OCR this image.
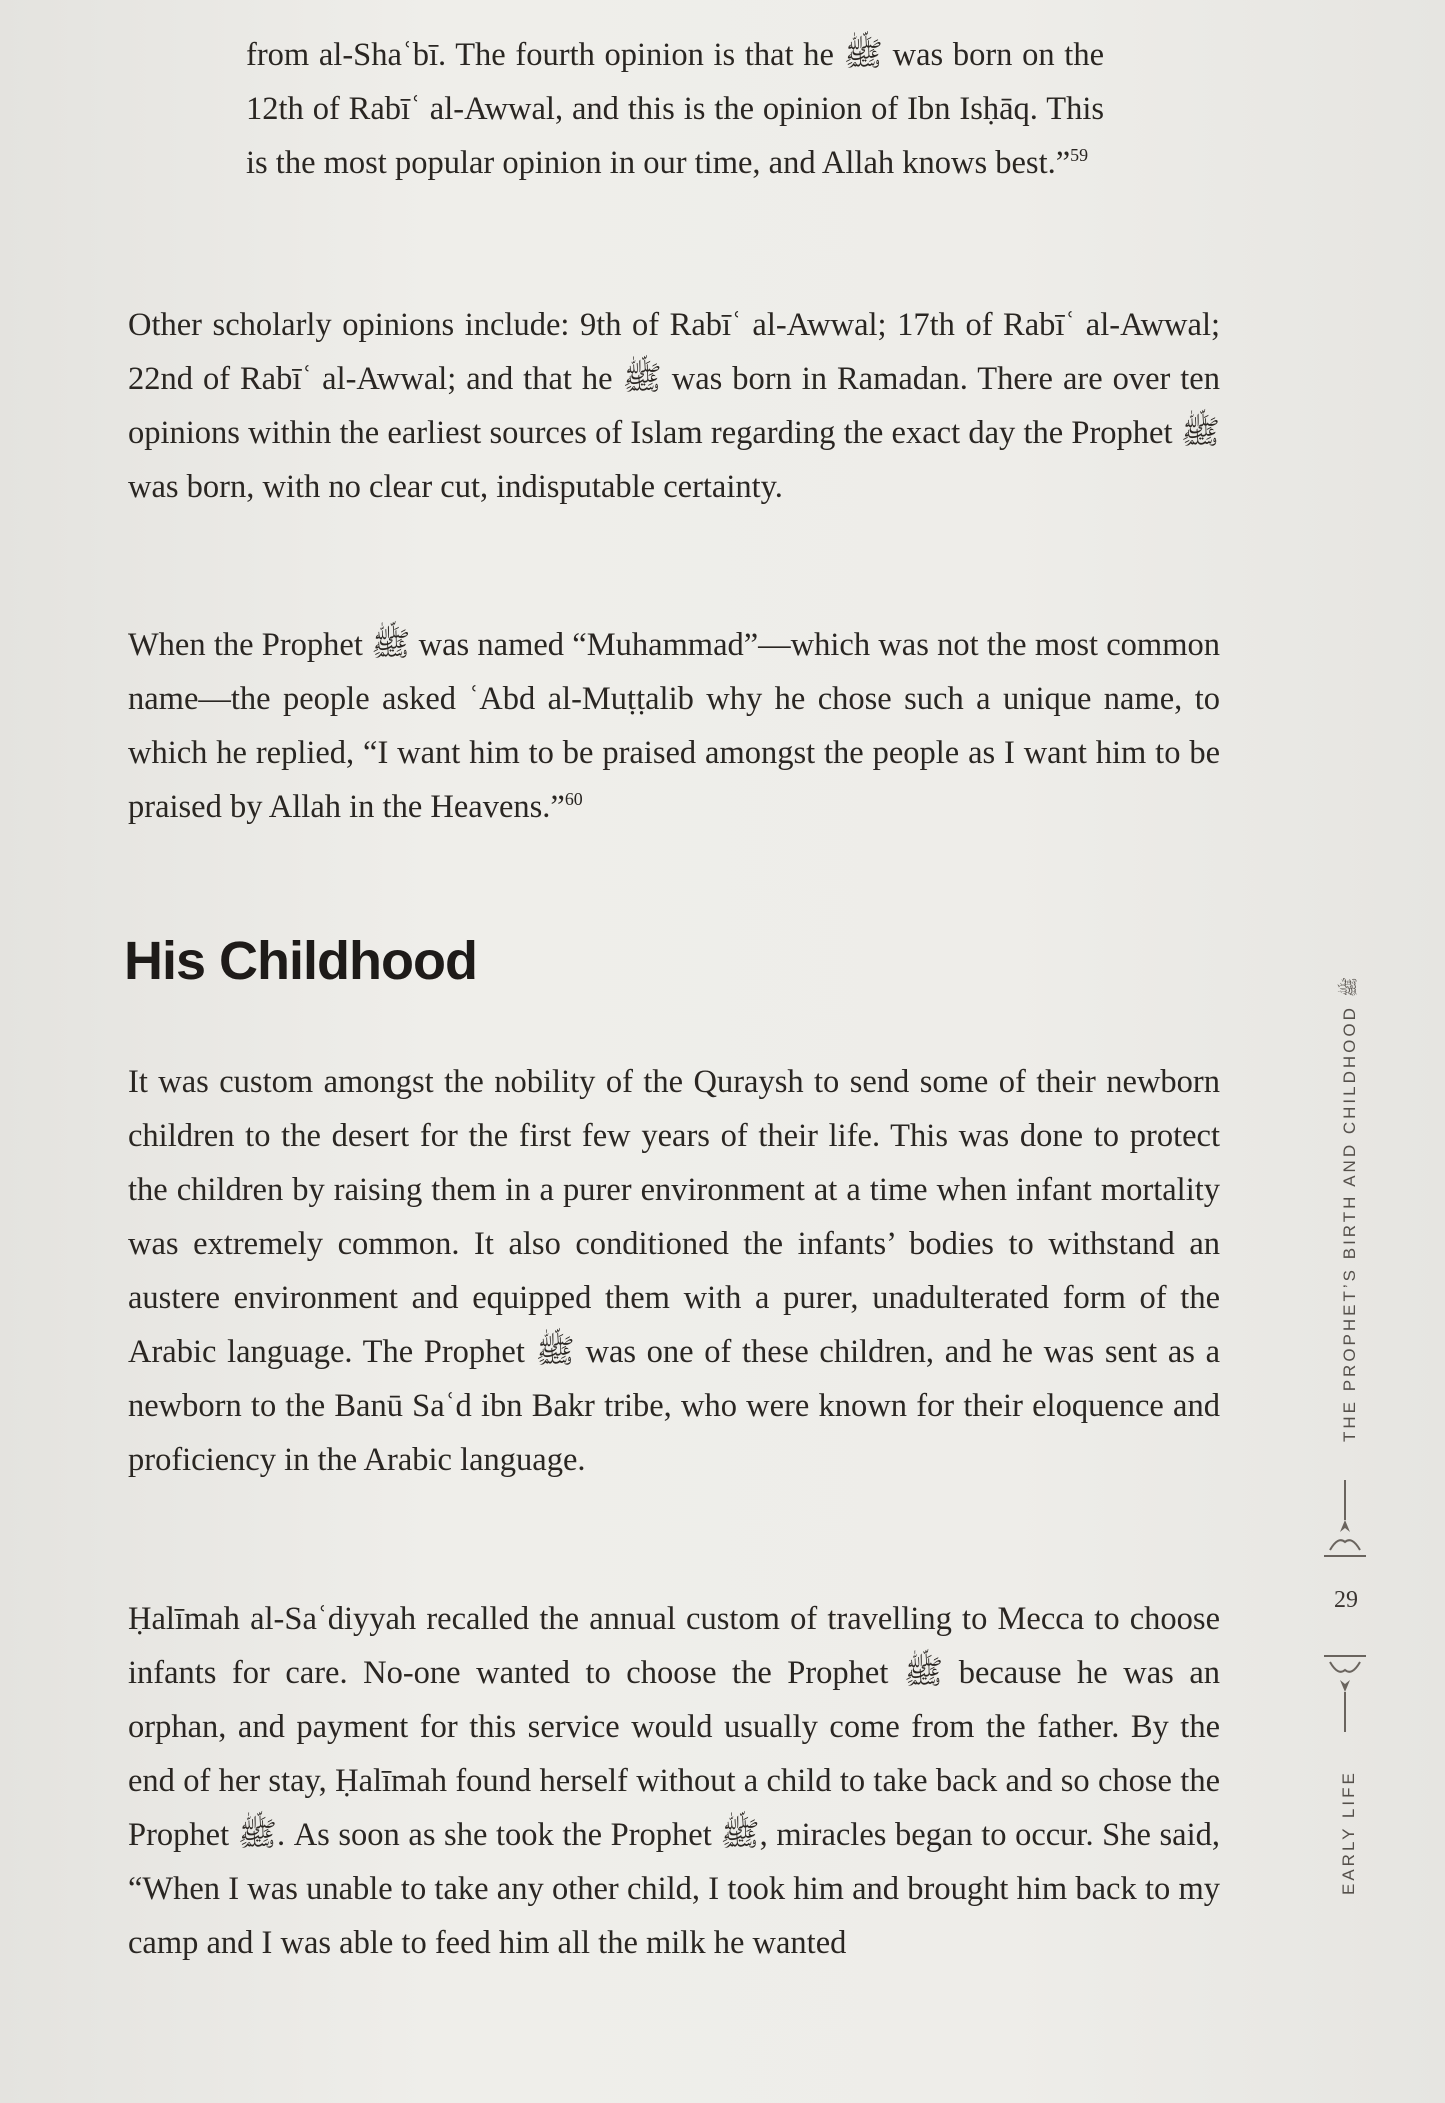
from al-Shaʿbī. The fourth opinion is that he ﷺ was born on the 12th of Rabīʿ al-Awwal, and this is the opinion of Ibn Isḥāq. This is the most popular opinion in our time, and Allah knows best.”$^{59}$

Other scholarly opinions include: 9th of Rabīʿ al-Awwal; 17th of Rabīʿ al-Awwal; 22nd of Rabīʿ al-Awwal; and that he ﷺ was born in Ramadan. There are over ten opinions within the earliest sources of Islam regarding the exact day the Prophet ﷺ was born, with no clear cut, indisputable certainty.

When the Prophet ﷺ was named “Muhammad”—which was not the most common name—the people asked ʿAbd al-Muṭṭalib why he chose such a unique name, to which he replied, “I want him to be praised amongst the people as I want him to be praised by Allah in the Heavens.”$^{60}$

His Childhood

It was custom amongst the nobility of the Quraysh to send some of their newborn children to the desert for the first few years of their life. This was done to protect the children by raising them in a purer environment at a time when infant mortality was extremely common. It also conditioned the infants’ bodies to withstand an austere environment and equipped them with a purer, unadulterated form of the Arabic language. The Prophet ﷺ was one of these children, and he was sent as a newborn to the Banū Saʿd ibn Bakr tribe, who were known for their eloquence and proficiency in the Arabic language.

Ḥalīmah al-Saʿdiyyah recalled the annual custom of travelling to Mecca to choose infants for care. No-one wanted to choose the Prophet ﷺ because he was an orphan, and payment for this service would usually come from the father. By the end of her stay, Ḥalīmah found herself without a child to take back and so chose the Prophet ﷺ. As soon as she took the Prophet ﷺ, miracles began to occur. She said, “When I was unable to take any other child, I took him and brought him back to my camp and I was able to feed him all the milk he wanted

THE PROPHET’S BIRTH AND CHILDHOOD ﷺ
29
EARLY LIFE
